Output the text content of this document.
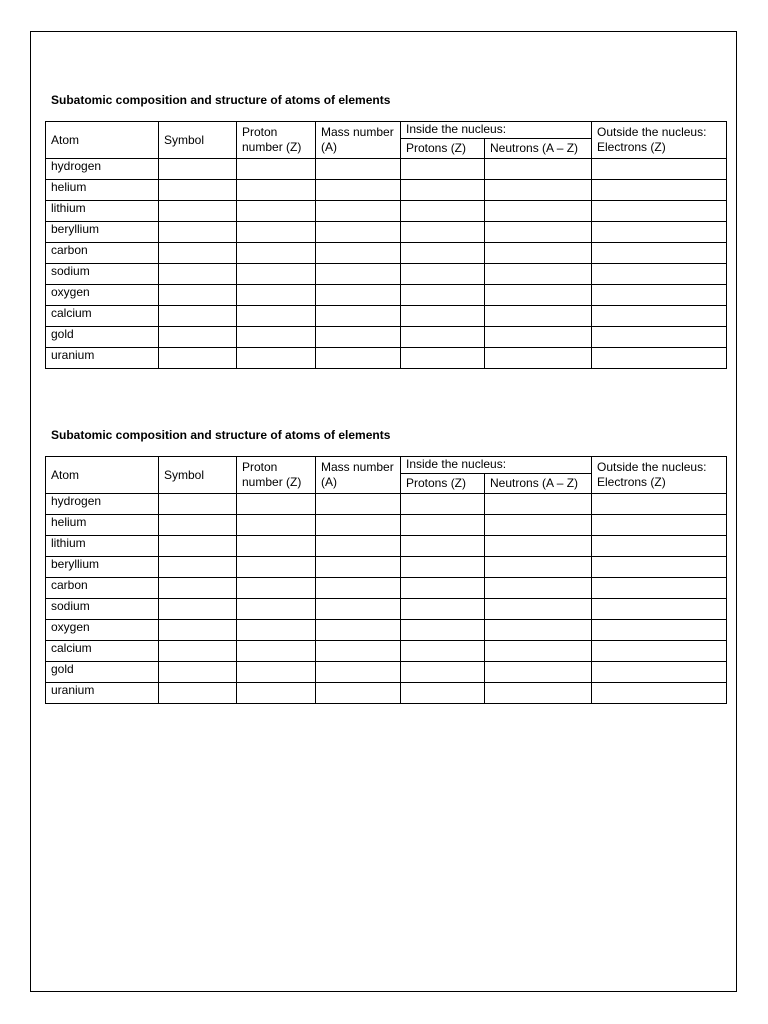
Subatomic composition and structure of atoms of elements
Atom	Symbol	Proton number (Z)	Mass number (A)	Inside the nucleus:		Outside the nucleus: Electrons (Z)
				Protons (Z)	Neutrons (A – Z)	
hydrogen						
helium						
lithium						
beryllium						
carbon						
sodium						
oxygen						
calcium						
gold						
uranium						
Subatomic composition and structure of atoms of elements
Atom	Symbol	Proton number (Z)	Mass number (A)	Inside the nucleus:		Outside the nucleus: Electrons (Z)
				Protons (Z)	Neutrons (A – Z)	
hydrogen						
helium						
lithium						
beryllium						
carbon						
sodium						
oxygen						
calcium						
gold						
uranium						
